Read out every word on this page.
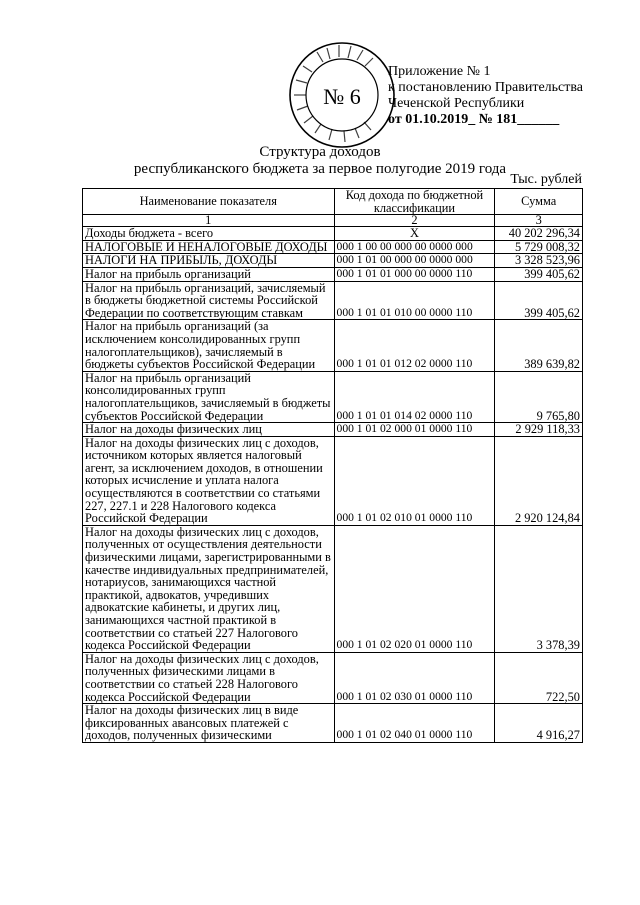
Приложение № 1
к постановлению Правительства
Чеченской Республики
от 01.10.2019_ № 181______
№ 6
Структура доходов
республиканского бюджета за первое полугодие 2019 года
Тыс. рублей
Наименование показателя	Код дохода по бюджетной классификации	Сумма
1	2	3
Доходы бюджета - всего	X	40 202 296,34
НАЛОГОВЫЕ И НЕНАЛОГОВЫЕ ДОХОДЫ	000 1 00 00 000 00 0000 000	5 729 008,32
НАЛОГИ НА ПРИБЫЛЬ, ДОХОДЫ	000 1 01 00 000 00 0000 000	3 328 523,96
Налог на прибыль организаций	000 1 01 01 000 00 0000 110	399 405,62
Налог на прибыль организаций, зачисляемый в бюджеты бюджетной системы Российской Федерации по соответствующим ставкам	000 1 01 01 010 00 0000 110	399 405,62
Налог на прибыль организаций (за исключением консолидированных групп налогоплательщиков), зачисляемый в бюджеты субъектов Российской Федерации	000 1 01 01 012 02 0000 110	389 639,82
Налог на прибыль организаций консолидированных групп налогоплательщиков, зачисляемый в бюджеты субъектов Российской Федерации	000 1 01 01 014 02 0000 110	9 765,80
Налог на доходы физических лиц	000 1 01 02 000 01 0000 110	2 929 118,33
Налог на доходы физических лиц с доходов, источником которых является налоговый агент, за исключением доходов, в отношении которых исчисление и уплата налога осуществляются в соответствии со статьями 227, 227.1 и 228 Налогового кодекса Российской Федерации	000 1 01 02 010 01 0000 110	2 920 124,84
Налог на доходы физических лиц с доходов, полученных от осуществления деятельности физическими лицами, зарегистрированными в качестве индивидуальных предпринимателей, нотариусов, занимающихся частной практикой, адвокатов, учредивших адвокатские кабинеты, и других лиц, занимающихся частной практикой в соответствии со статьей 227 Налогового кодекса Российской Федерации	000 1 01 02 020 01 0000 110	3 378,39
Налог на доходы физических лиц с доходов, полученных физическими лицами в соответствии со статьей 228 Налогового кодекса Российской Федерации	000 1 01 02 030 01 0000 110	722,50
Налог на доходы физических лиц в виде фиксированных авансовых платежей с доходов, полученных физическими	000 1 01 02 040 01 0000 110	4 916,27
